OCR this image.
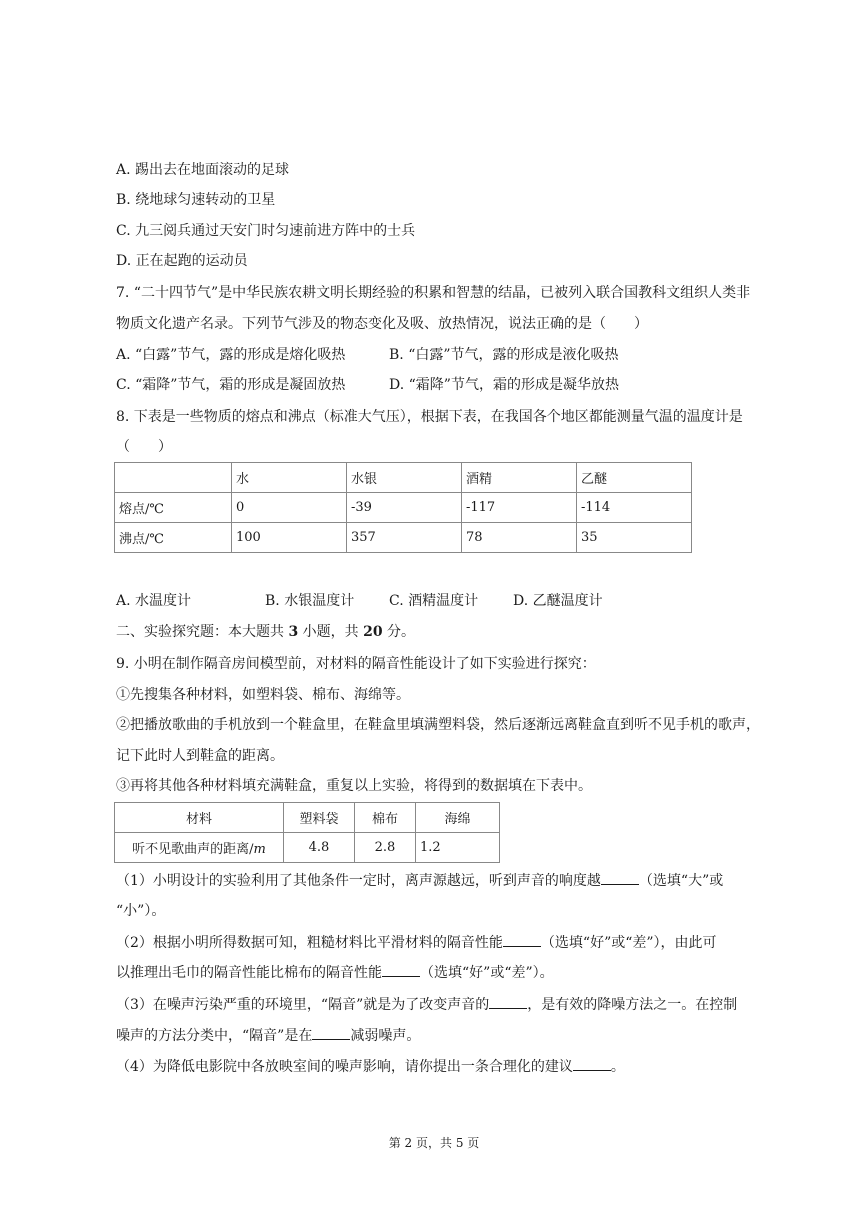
A. 踢出去在地面滚动的足球
B. 绕地球匀速转动的卫星
C. 九三阅兵通过天安门时匀速前进方阵中的士兵
D. 正在起跑的运动员
7. “二十四节气”是中华民族农耕文明长期经验的积累和智慧的结晶，已被列入联合国教科文组织人类非
物质文化遗产名录。下列节气涉及的物态变化及吸、放热情况，说法正确的是（　　）
A. “白露”节气，露的形成是熔化吸热	B. “白露”节气，露的形成是液化吸热
C. “霜降”节气，霜的形成是凝固放热	D. “霜降”节气，霜的形成是凝华放热
8. 下表是一些物质的熔点和沸点（标准大气压），根据下表，在我国各个地区都能测量气温的温度计是
（　　）
	水	水银	酒精	乙醚
熔点/℃	0	-39	-117	-114
沸点/℃	100	357	78	35
A. 水温度计	B. 水银温度计 C. 酒精温度计 D. 乙醚温度计
二、实验探究题：本大题共 3 小题，共 20 分。
9. 小明在制作隔音房间模型前，对材料的隔音性能设计了如下实验进行探究：
①先搜集各种材料，如塑料袋、棉布、海绵等。
②把播放歌曲的手机放到一个鞋盒里，在鞋盒里填满塑料袋，然后逐渐远离鞋盒直到听不见手机的歌声，
记下此时人到鞋盒的距离。
③再将其他各种材料填充满鞋盒，重复以上实验，将得到的数据填在下表中。
材料	塑料袋	棉布	海绵
听不见歌曲声的距离/m	4.8	2.8	1.2
（1）小明设计的实验利用了其他条件一定时，离声源越远，听到声音的响度越	（选填“大”或
“小”）。
（2）根据小明所得数据可知，粗糙材料比平滑材料的隔音性能	（选填“好”或“差”），由此可
以推理出毛巾的隔音性能比棉布的隔音性能	（选填“好”或“差”）。
（3）在噪声污染严重的环境里，“隔音”就是为了改变声音的	，是有效的降噪方法之一。在控制
噪声的方法分类中，“隔音”是在	减弱噪声。
（4）为降低电影院中各放映室间的噪声影响，请你提出一条合理化的建议	。
第 2 页，共 5 页
